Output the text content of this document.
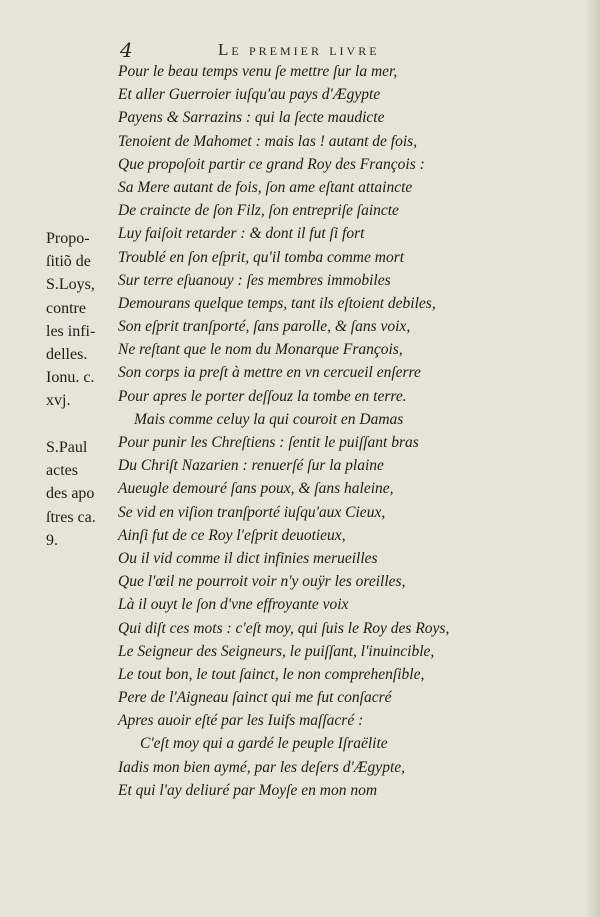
4	Le premier livre
Propo-
ſitiõ de
S.Loys,
contre
les infi-
delles.
Ionu. c.
xvj.
S.Paul
actes
des apo
ſtres ca.
9.
Pour le beau temps venu ſe mettre ſur la mer,
Et aller Guerroier iuſqu'au pays d'Ægypte
Payens & Sarrazins : qui la ſecte maudicte
Tenoient de Mahomet : mais las ! autant de fois,
Que propoſoit partir ce grand Roy des François :
Sa Mere autant de fois, ſon ame eſtant attaincte
De craincte de ſon Filz, ſon entrepriſe ſaincte
Luy faiſoit retarder : & dont il fut ſi fort
Troublé en ſon eſprit, qu'il tomba comme mort
Sur terre eſuanouy : ſes membres immobiles
Demourans quelque temps, tant ils eſtoient debiles,
Son eſprit tranſporté, ſans parolle, & ſans voix,
Ne reſtant que le nom du Monarque François,
Son corps ia preſt à mettre en vn cercueil enſerre
Pour apres le porter deſſouz la tombe en terre.
Mais comme celuy la qui couroit en Damas
Pour punir les Chreſtiens : ſentit le puiſſant bras
Du Chriſt Nazarien : renuerſé ſur la plaine
Aueugle demouré ſans poux, & ſans haleine,
Se vid en viſion tranſporté iuſqu'aux Cieux,
Ainſi fut de ce Roy l'eſprit deuotieux,
Ou il vid comme il dict infinies merueilles
Que l'œil ne pourroit voir n'y ouÿr les oreilles,
Là il ouyt le ſon d'vne effroyante voix
Qui diſt ces mots : c'eſt moy, qui ſuis le Roy des Roys,
Le Seigneur des Seigneurs, le puiſſant, l'inuincible,
Le tout bon, le tout ſainct, le non comprehenſible,
Pere de l'Aigneau ſainct qui me fut conſacré
Apres auoir eſté par les Iuifs maſſacré :
C'eſt moy qui a gardé le peuple Iſraëlite
Iadis mon bien aymé, par les deſers d'Ægypte,
Et qui l'ay deliuré par Moyſe en mon nom
